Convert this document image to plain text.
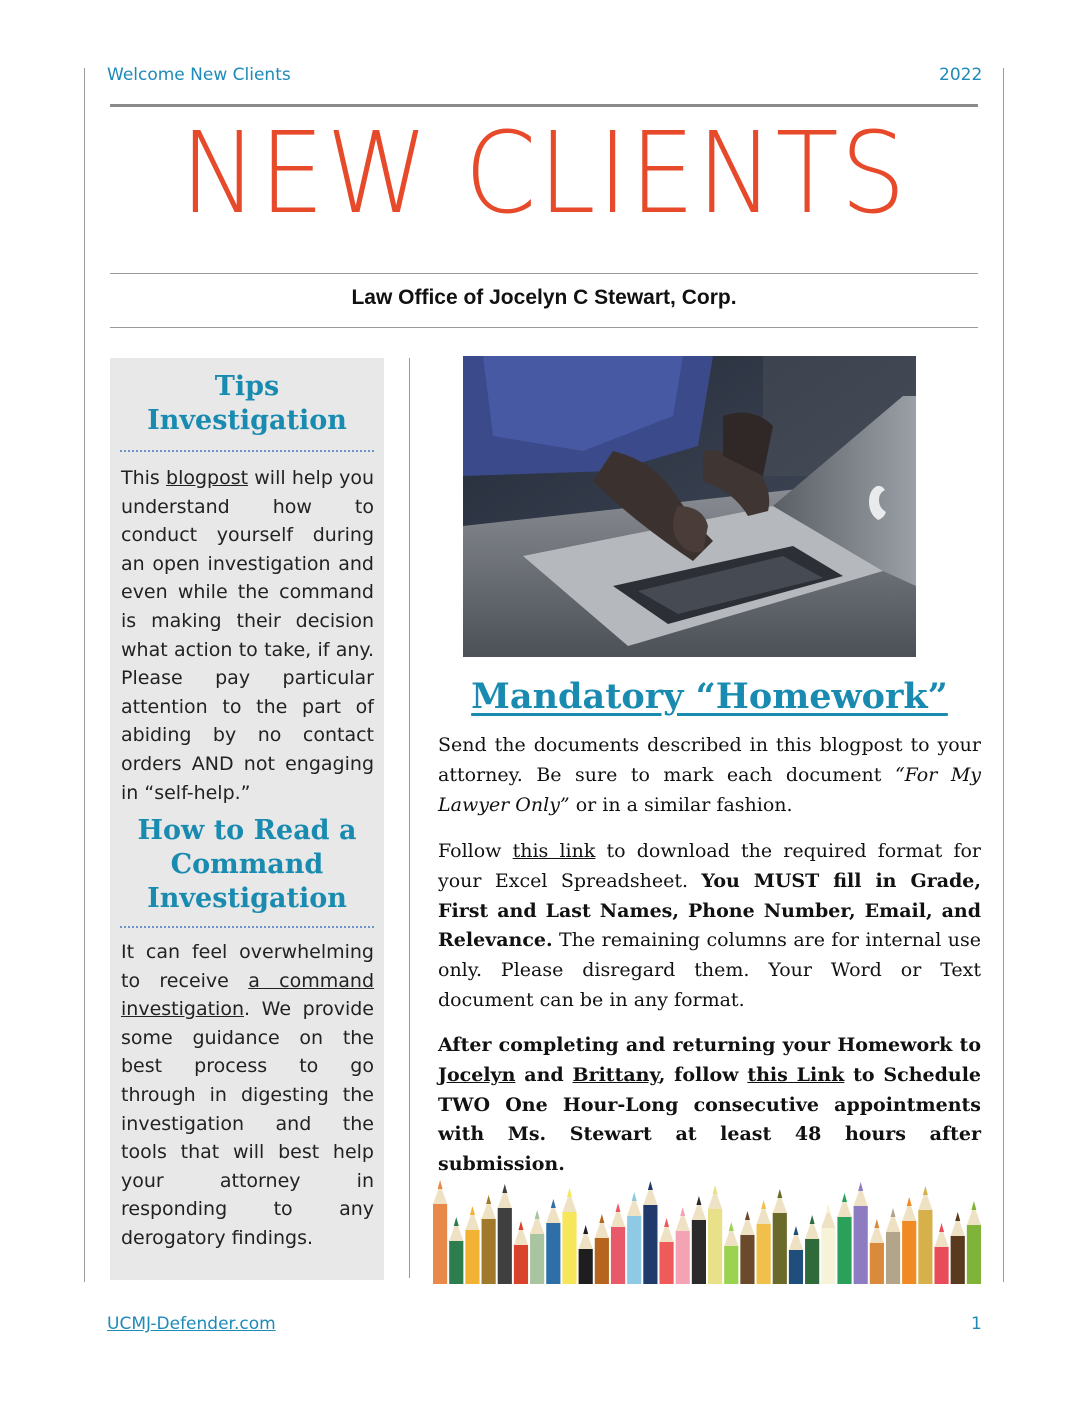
Welcome New Clients	2022
NEW CLIENTS
Law Office of Jocelyn C Stewart, Corp.

Tips
Investigation

This blogpost will help you understand how to conduct yourself during an open investigation and even while the command is making their decision what action to take, if any. Please pay particular attention to the part of abiding by no contact orders AND not engaging in “self-help.”

How to Read a
Command
Investigation

It can feel overwhelming to receive a command investigation. We provide some guidance on the best process to go through in digesting the investigation and the tools that will best help your attorney in responding to any derogatory findings.

Mandatory “Homework”

Send the documents described in this blogpost to your attorney. Be sure to mark each document “For My Lawyer Only” or in a similar fashion.

Follow this link to download the required format for your Excel Spreadsheet. You MUST fill in Grade, First and Last Names, Phone Number, Email, and Relevance. The remaining columns are for internal use only. Please disregard them. Your Word or Text document can be in any format.

After completing and returning your Homework to Jocelyn and Brittany, follow this Link to Schedule TWO One Hour-Long consecutive appointments with Ms. Stewart at least 48 hours after submission.

UCMJ-Defender.com	1
